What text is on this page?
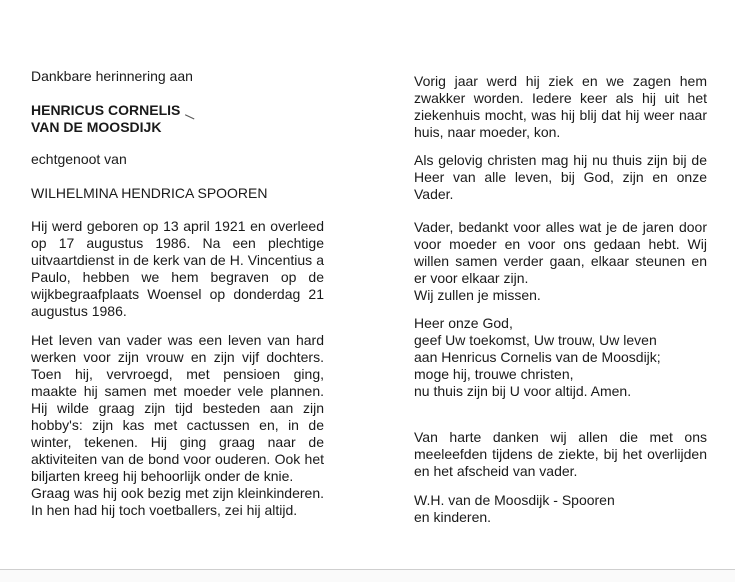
Dankbare herinnering aan

HENRICUS CORNELIS
VAN DE MOOSDIJK

echtgenoot van

WILHELMINA HENDRICA SPOOREN

Hij werd geboren op 13 april 1921 en overleed op 17 augustus 1986. Na een plechtige uitvaartdienst in de kerk van de H. Vincentius a Paulo, hebben we hem begraven op de wijkbegraafplaats Woensel op donderdag 21 augustus 1986.

Het leven van vader was een leven van hard werken voor zijn vrouw en zijn vijf dochters. Toen hij, vervroegd, met pensioen ging, maakte hij samen met moeder vele plannen. Hij wilde graag zijn tijd besteden aan zijn hobby's: zijn kas met cactussen en, in de winter, tekenen. Hij ging graag naar de aktiviteiten van de bond voor ouderen. Ook het biljarten kreeg hij behoorlijk onder de knie.

Graag was hij ook bezig met zijn kleinkinderen. In hen had hij toch voetballers, zei hij altijd.

Vorig jaar werd hij ziek en we zagen hem zwakker worden. Iedere keer als hij uit het ziekenhuis mocht, was hij blij dat hij weer naar huis, naar moeder, kon.

Als gelovig christen mag hij nu thuis zijn bij de Heer van alle leven, bij God, zijn en onze Vader.

Vader, bedankt voor alles wat je de jaren door voor moeder en voor ons gedaan hebt. Wij willen samen verder gaan, elkaar steunen en er voor elkaar zijn.
Wij zullen je missen.

Heer onze God,
geef Uw toekomst, Uw trouw, Uw leven
aan Henricus Cornelis van de Moosdijk;
moge hij, trouwe christen,
nu thuis zijn bij U voor altijd. Amen.

Van harte danken wij allen die met ons meeleefden tijdens de ziekte, bij het overlijden en het afscheid van vader.

W.H. van de Moosdijk - Spooren
en kinderen.
